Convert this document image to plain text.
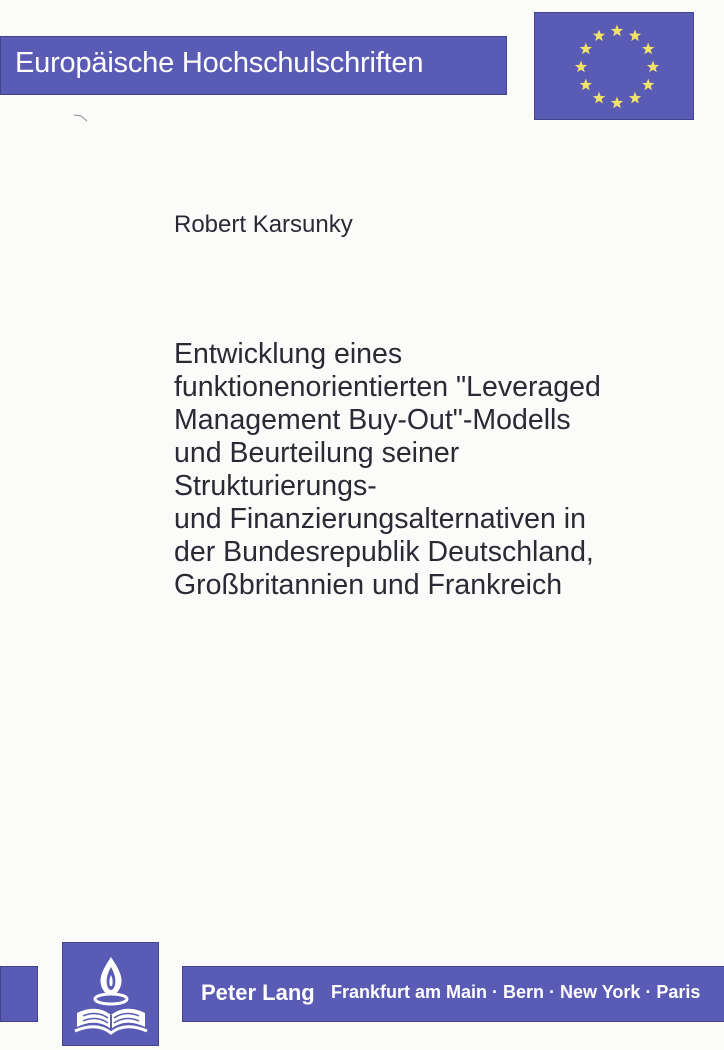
Europäische Hochschulschriften
Robert Karsunky
Entwicklung eines
funktionenorientierten "Leveraged
Management Buy-Out"-Modells
und Beurteilung seiner
Strukturierungs-
und Finanzierungsalternativen in
der Bundesrepublik Deutschland,
Großbritannien und Frankreich
Peter Lang Frankfurt am Main · Bern · New York · Paris
